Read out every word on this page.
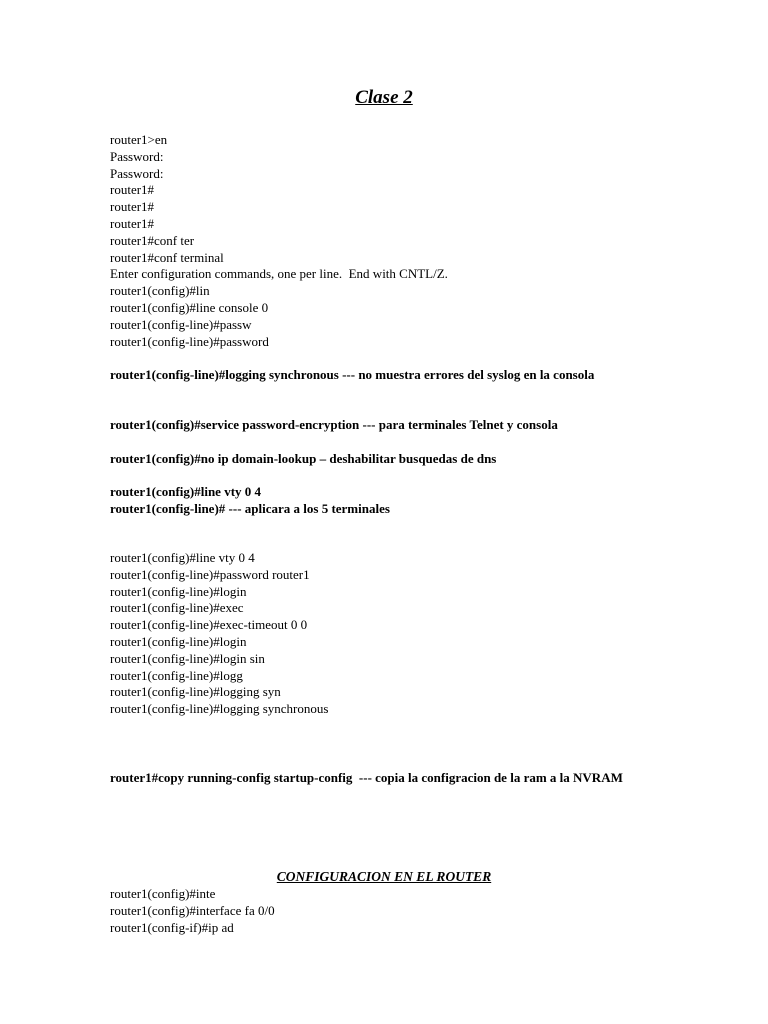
Clase 2
router1>en
Password:
Password:
router1#
router1#
router1#
router1#conf ter
router1#conf terminal
Enter configuration commands, one per line.  End with CNTL/Z.
router1(config)#lin
router1(config)#line console 0
router1(config-line)#passw
router1(config-line)#password
router1(config-line)#logging synchronous --- no muestra errores del syslog en la consola
router1(config)#service password-encryption --- para terminales Telnet y consola
router1(config)#no ip domain-lookup – deshabilitar busquedas de dns
router1(config)#line vty 0 4
router1(config-line)# --- aplicara a los 5 terminales
router1(config)#line vty 0 4
router1(config-line)#password router1
router1(config-line)#login
router1(config-line)#exec
router1(config-line)#exec-timeout 0 0
router1(config-line)#login
router1(config-line)#login sin
router1(config-line)#logg
router1(config-line)#logging syn
router1(config-line)#logging synchronous
router1#copy running-config startup-config  --- copia la configracion de la ram a la NVRAM
CONFIGURACION EN EL ROUTER
router1(config)#inte
router1(config)#interface fa 0/0
router1(config-if)#ip ad
